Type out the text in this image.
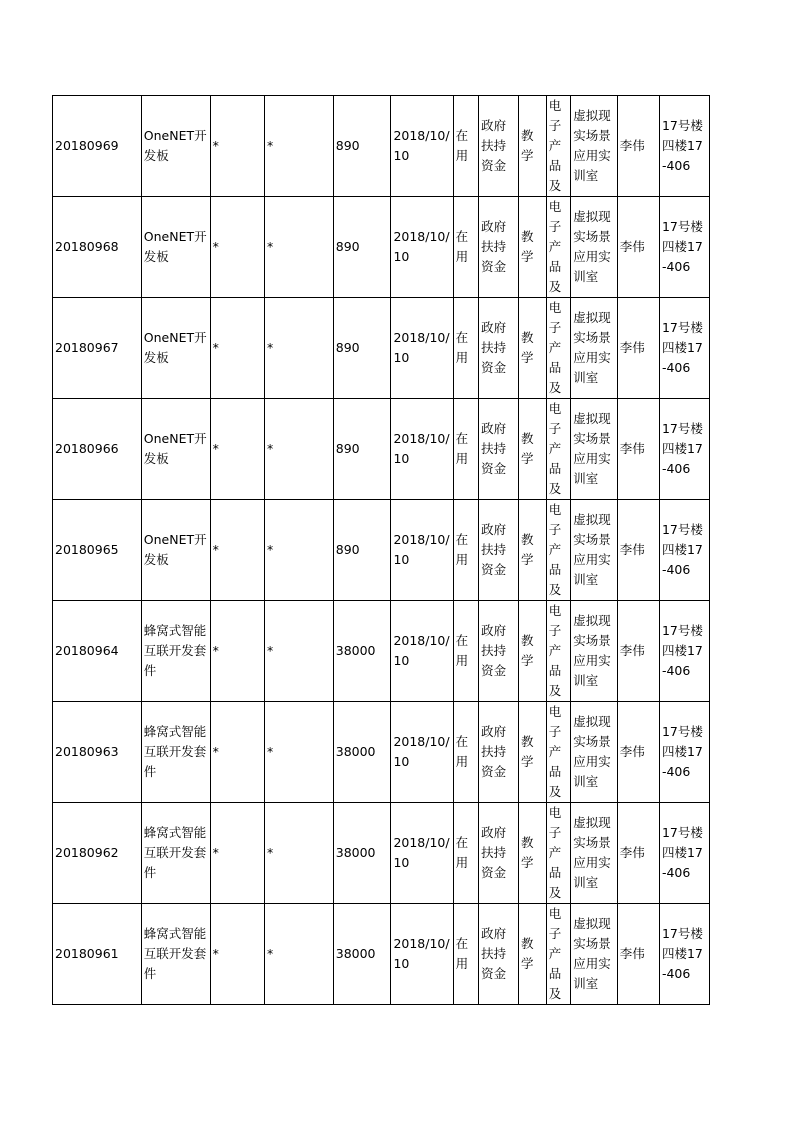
20180969	OneNET开发板	*	*	890	2018/10/10	在用	政府扶持资金	教学	电子产品及	虚拟现实场景应用实训室	李伟	17号楼四楼17-406
20180968	OneNET开发板	*	*	890	2018/10/10	在用	政府扶持资金	教学	电子产品及	虚拟现实场景应用实训室	李伟	17号楼四楼17-406
20180967	OneNET开发板	*	*	890	2018/10/10	在用	政府扶持资金	教学	电子产品及	虚拟现实场景应用实训室	李伟	17号楼四楼17-406
20180966	OneNET开发板	*	*	890	2018/10/10	在用	政府扶持资金	教学	电子产品及	虚拟现实场景应用实训室	李伟	17号楼四楼17-406
20180965	OneNET开发板	*	*	890	2018/10/10	在用	政府扶持资金	教学	电子产品及	虚拟现实场景应用实训室	李伟	17号楼四楼17-406
20180964	蜂窝式智能互联开发套件	*	*	38000	2018/10/10	在用	政府扶持资金	教学	电子产品及	虚拟现实场景应用实训室	李伟	17号楼四楼17-406
20180963	蜂窝式智能互联开发套件	*	*	38000	2018/10/10	在用	政府扶持资金	教学	电子产品及	虚拟现实场景应用实训室	李伟	17号楼四楼17-406
20180962	蜂窝式智能互联开发套件	*	*	38000	2018/10/10	在用	政府扶持资金	教学	电子产品及	虚拟现实场景应用实训室	李伟	17号楼四楼17-406
20180961	蜂窝式智能互联开发套件	*	*	38000	2018/10/10	在用	政府扶持资金	教学	电子产品及	虚拟现实场景应用实训室	李伟	17号楼四楼17-406
